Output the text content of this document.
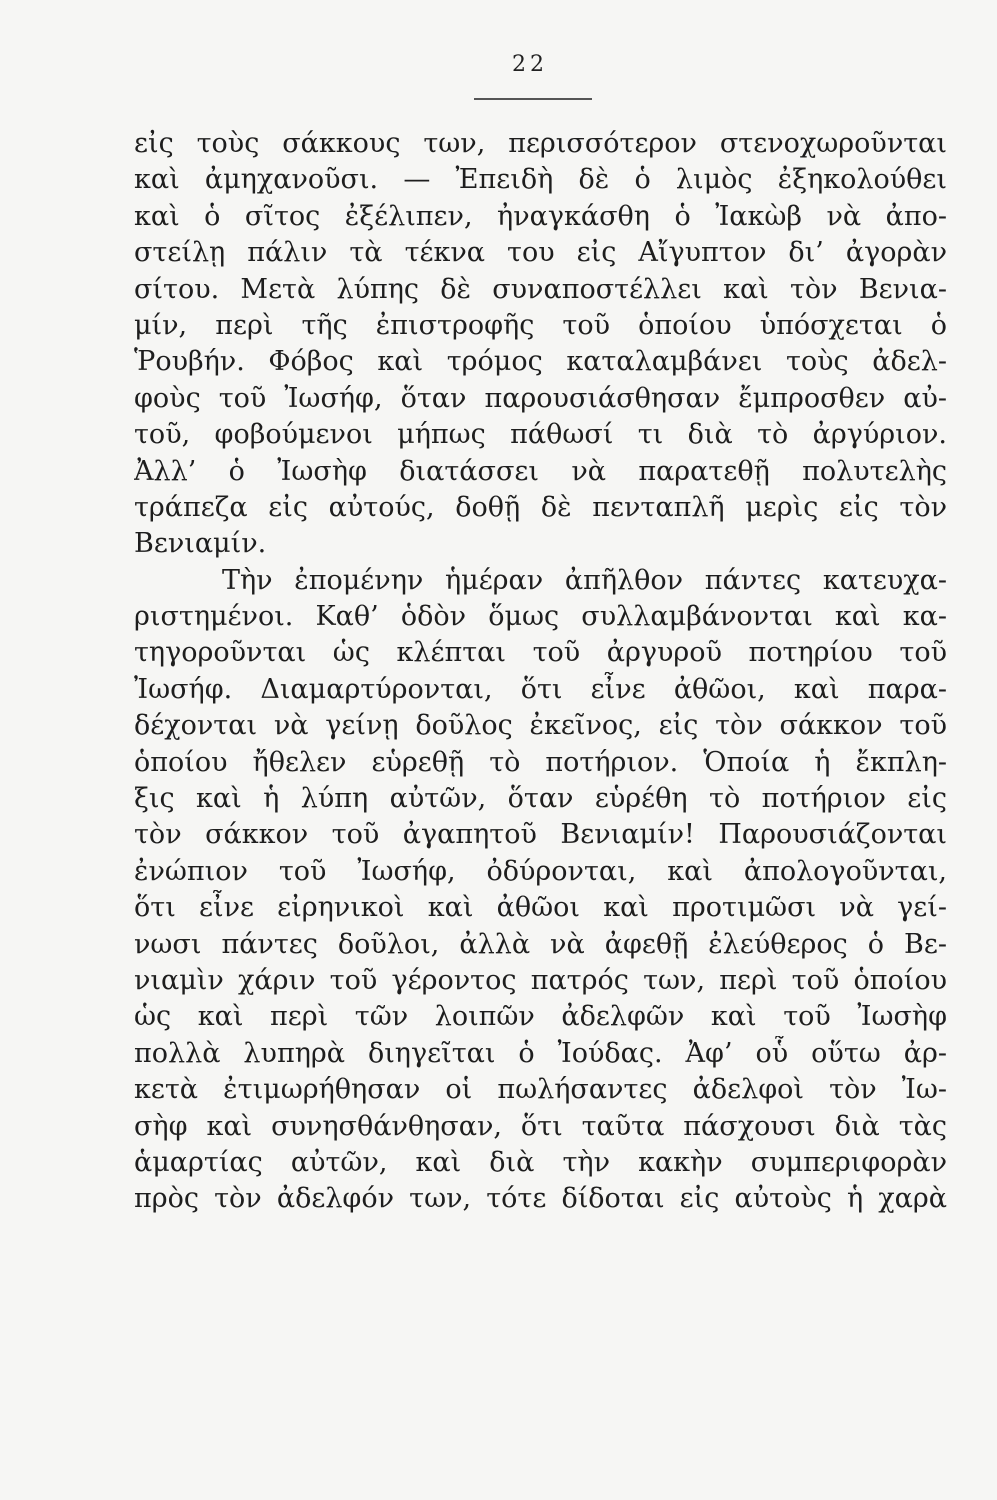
22
εἰς τοὺς σάκκους των, περισσότερον στενοχωροῦνται
καὶ ἀμηχανοῦσι. — Ἐπειδὴ δὲ ὁ λιμὸς ἐξηκολούθει
καὶ ὁ σῖτος ἐξέλιπεν, ἠναγκάσθη ὁ Ἰακὼβ νὰ ἀπο-
στείλῃ πάλιν τὰ τέκνα του εἰς Αἴγυπτον δι’ ἀγορὰν
σίτου. Μετὰ λύπης δὲ συναποστέλλει καὶ τὸν Βενια-
μίν, περὶ τῆς ἐπιστροφῆς τοῦ ὁποίου ὑπόσχεται ὁ
Ῥουβήν. Φόβος καὶ τρόμος καταλαμβάνει τοὺς ἀδελ-
φοὺς τοῦ Ἰωσήφ, ὅταν παρουσιάσθησαν ἔμπροσθεν αὐ-
τοῦ, φοβούμενοι μήπως πάθωσί τι διὰ τὸ ἀργύριον.
Ἀλλ’ ὁ Ἰωσὴφ διατάσσει νὰ παρατεθῇ πολυτελὴς
τράπεζα εἰς αὐτούς, δοθῇ δὲ πενταπλῆ μερὶς εἰς τὸν
Βενιαμίν.
Τὴν ἐπομένην ἡμέραν ἀπῆλθον πάντες κατευχα-
ριστημένοι. Καθ’ ὁδὸν ὅμως συλλαμβάνονται καὶ κα-
τηγοροῦνται ὡς κλέπται τοῦ ἀργυροῦ ποτηρίου τοῦ
Ἰωσήφ. Διαμαρτύρονται, ὅτι εἶνε ἀθῶοι, καὶ παρα-
δέχονται νὰ γείνῃ δοῦλος ἐκεῖνος, εἰς τὸν σάκκον τοῦ
ὁποίου ἤθελεν εὑρεθῇ τὸ ποτήριον. Ὁποία ἡ ἔκπλη-
ξις καὶ ἡ λύπη αὐτῶν, ὅταν εὑρέθη τὸ ποτήριον εἰς
τὸν σάκκον τοῦ ἀγαπητοῦ Βενιαμίν! Παρουσιάζονται
ἐνώπιον τοῦ Ἰωσήφ, ὀδύρονται, καὶ ἀπολογοῦνται,
ὅτι εἶνε εἰρηνικοὶ καὶ ἀθῶοι καὶ προτιμῶσι νὰ γεί-
νωσι πάντες δοῦλοι, ἀλλὰ νὰ ἀφεθῇ ἐλεύθερος ὁ Βε-
νιαμὶν χάριν τοῦ γέροντος πατρός των, περὶ τοῦ ὁποίου
ὡς καὶ περὶ τῶν λοιπῶν ἀδελφῶν καὶ τοῦ Ἰωσὴφ
πολλὰ λυπηρὰ διηγεῖται ὁ Ἰούδας. Ἀφ’ οὗ οὕτω ἀρ-
κετὰ ἐτιμωρήθησαν οἱ πωλήσαντες ἀδελφοὶ τὸν Ἰω-
σὴφ καὶ συνησθάνθησαν, ὅτι ταῦτα πάσχουσι διὰ τὰς
ἁμαρτίας αὐτῶν, καὶ διὰ τὴν κακὴν συμπεριφορὰν
πρὸς τὸν ἀδελφόν των, τότε δίδοται εἰς αὐτοὺς ἡ χαρὰ
